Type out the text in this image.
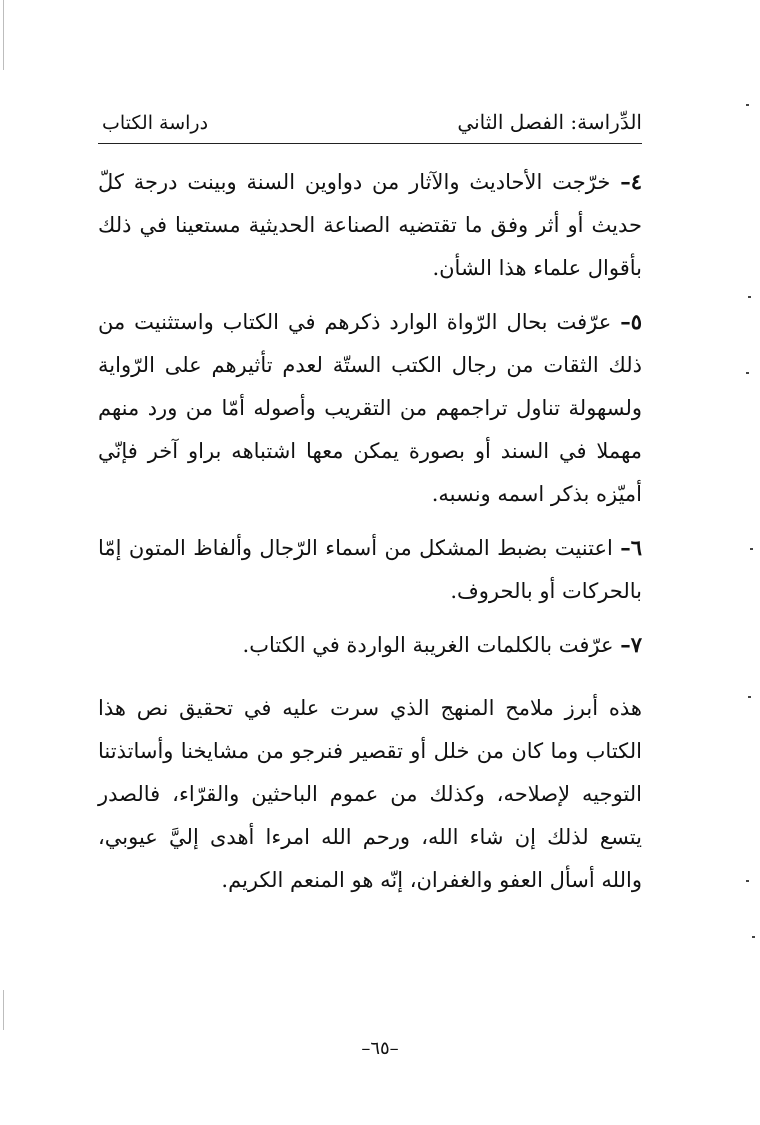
الدِّراسة: الفصل الثاني
دراسة الكتاب

٤– خرّجت الأحاديث والآثار من دواوين السنة وبينت درجة كلّ حديث أو أثر وفق ما تقتضيه الصناعة الحديثية مستعينا في ذلك بأقوال علماء هذا الشأن.

٥– عرّفت بحال الرّواة الوارد ذكرهم في الكتاب واستثنيت من ذلك الثقات من رجال الكتب الستّة لعدم تأثيرهم على الرّواية ولسهولة تناول تراجمهم من التقريب وأصوله أمّا من ورد منهم مهملا في السند أو بصورة يمكن معها اشتباهه براو آخر فإنّي أميّزه بذكر اسمه ونسبه.

٦– اعتنيت بضبط المشكل من أسماء الرّجال وألفاظ المتون إمّا بالحركات أو بالحروف.

٧– عرّفت بالكلمات الغريبة الواردة في الكتاب.

هذه أبرز ملامح المنهج الذي سرت عليه في تحقيق نص هذا الكتاب وما كان من خلل أو تقصير فنرجو من مشايخنا وأساتذتنا التوجيه لإصلاحه، وكذلك من عموم الباحثين والقرّاء، فالصدر يتسع لذلك إن شاء الله، ورحم الله امرءا أهدى إليَّ عيوبي، والله أسأل العفو والغفران، إنّه هو المنعم الكريم.

–٦٥–
